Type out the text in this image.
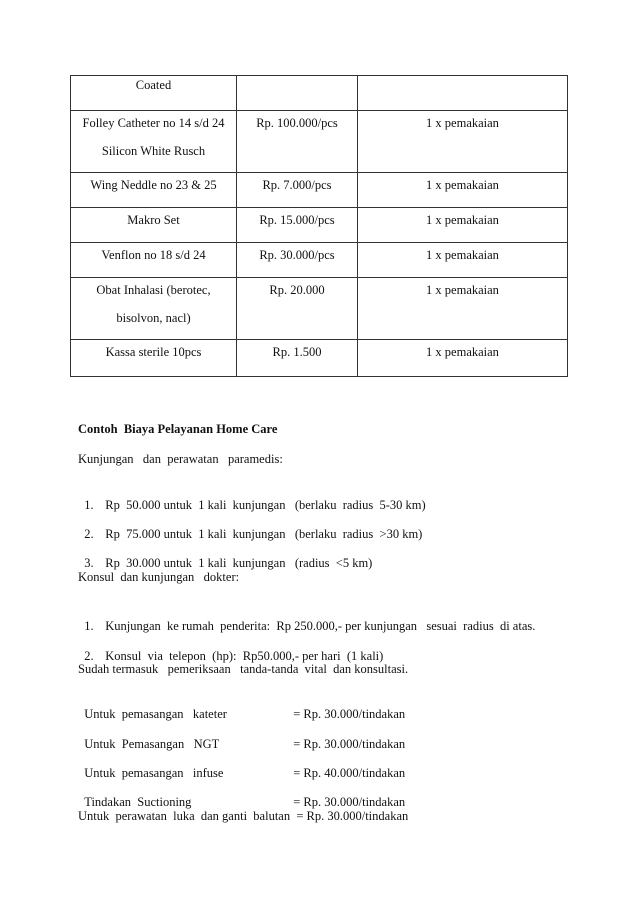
Coated		

Folley Catheter no 14 s/d 24
Silicon White Rusch	Rp. 100.000/pcs	1 x pemakaian
Wing Neddle no 23 & 25	Rp. 7.000/pcs	1 x pemakaian
Makro Set	Rp. 15.000/pcs	1 x pemakaian
Venflon no 18 s/d 24	Rp. 30.000/pcs	1 x pemakaian

Obat Inhalasi (berotec,
bisolvon, nacl)	Rp. 20.000	1 x pemakaian
Kassa sterile 10pcs	Rp. 1.500	1 x pemakaian
Contoh  Biaya Pelayanan Home Care
Kunjungan   dan  perawatan   paramedis:

1. Rp  50.000 untuk  1 kali  kunjungan   (berlaku  radius  5-30 km)

2. Rp  75.000 untuk  1 kali  kunjungan   (berlaku  radius  >30 km)

3. Rp  30.000 untuk  1 kali  kunjungan   (radius  <5 km)

Konsul  dan kunjungan   dokter:

1. Kunjungan  ke rumah  penderita:  Rp 250.000,- per kunjungan   sesuai  radius  di atas.

2. Konsul  via  telepon  (hp):  Rp50.000,- per hari  (1 kali)

Sudah termasuk   pemeriksaan   tanda-tanda  vital  dan konsultasi.

Untuk  pemasangan   kateter	= Rp. 30.000/tindakan

Untuk  Pemasangan   NGT	= Rp. 30.000/tindakan

Untuk  pemasangan   infuse	= Rp. 40.000/tindakan

Tindakan  Suctioning	= Rp. 30.000/tindakan

Untuk  perawatan  luka  dan ganti  balutan  = Rp. 30.000/tindakan
